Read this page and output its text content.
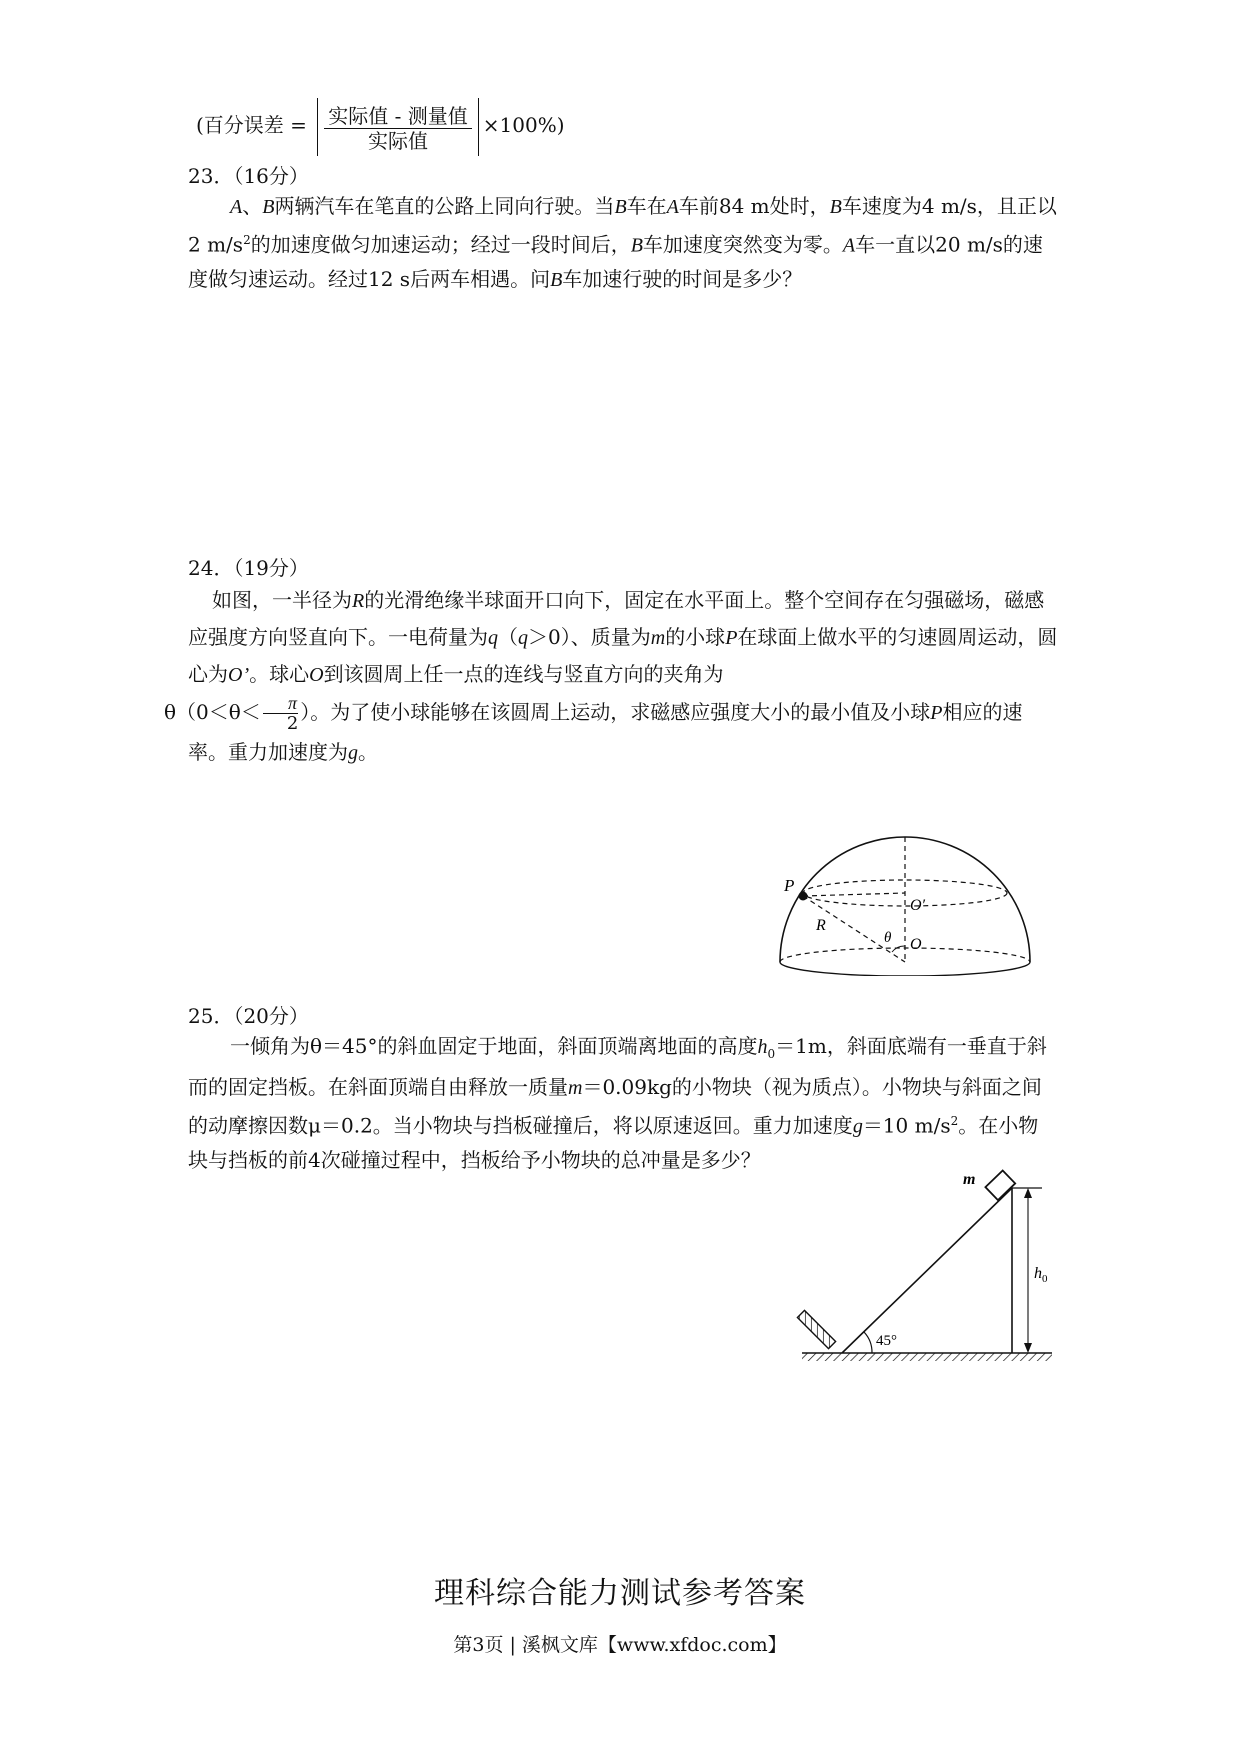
(百分误差 = $\frac{\text{实际值 - 测量值}}{\text{实际值}} \times 100\%$)
23．（16分）
A、B两辆汽车在笔直的公路上同向行驶。当B车在A车前84 m处时，B车速度为4 m/s，且正以2 $m/s^2$的加速度做匀加速运动；经过一段时间后，B车加速度突然变为零。A车一直以20 m/s的速度做匀速运动。经过12 s后两车相遇。问B车加速行驶的时间是多少？
24．（19分）
如图，一半径为R的光滑绝缘半球面开口向下，固定在水平面上。整个空间存在匀强磁场，磁感应强度方向竖直向下。一电荷量为q（q＞0）、质量为m的小球P在球面上做水平的匀速圆周运动，圆心为O’。球心O到该圆周上任一点的连线与竖直方向的夹角为
$\theta(0<\theta< \frac{\pi}{2}$ ）。为了使小球能够在该圆周上运动，求磁感应强度大小的最小值及小球P相应的速率。重力加速度为g。
P
O′
R
θ O
25．（20分）
一倾角为θ＝45°的斜血固定于地面，斜面顶端离地面的高度$h_0=1m$，斜面底端有一垂直于斜而的固定挡板。在斜面顶端自由释放一质量m＝0.09kg的小物块（视为质点）。小物块与斜面之间的动摩擦因数μ＝0.2。当小物块与挡板碰撞后，将以原速返回。重力加速度g＝10 $m/s^2$。在小物块与挡板的前4次碰撞过程中，挡板给予小物块的总冲量是多少？
45°
m
$h_0$
理科综合能力测试参考答案
第3页 | 溪枫文库【www.xfdoc.com】
